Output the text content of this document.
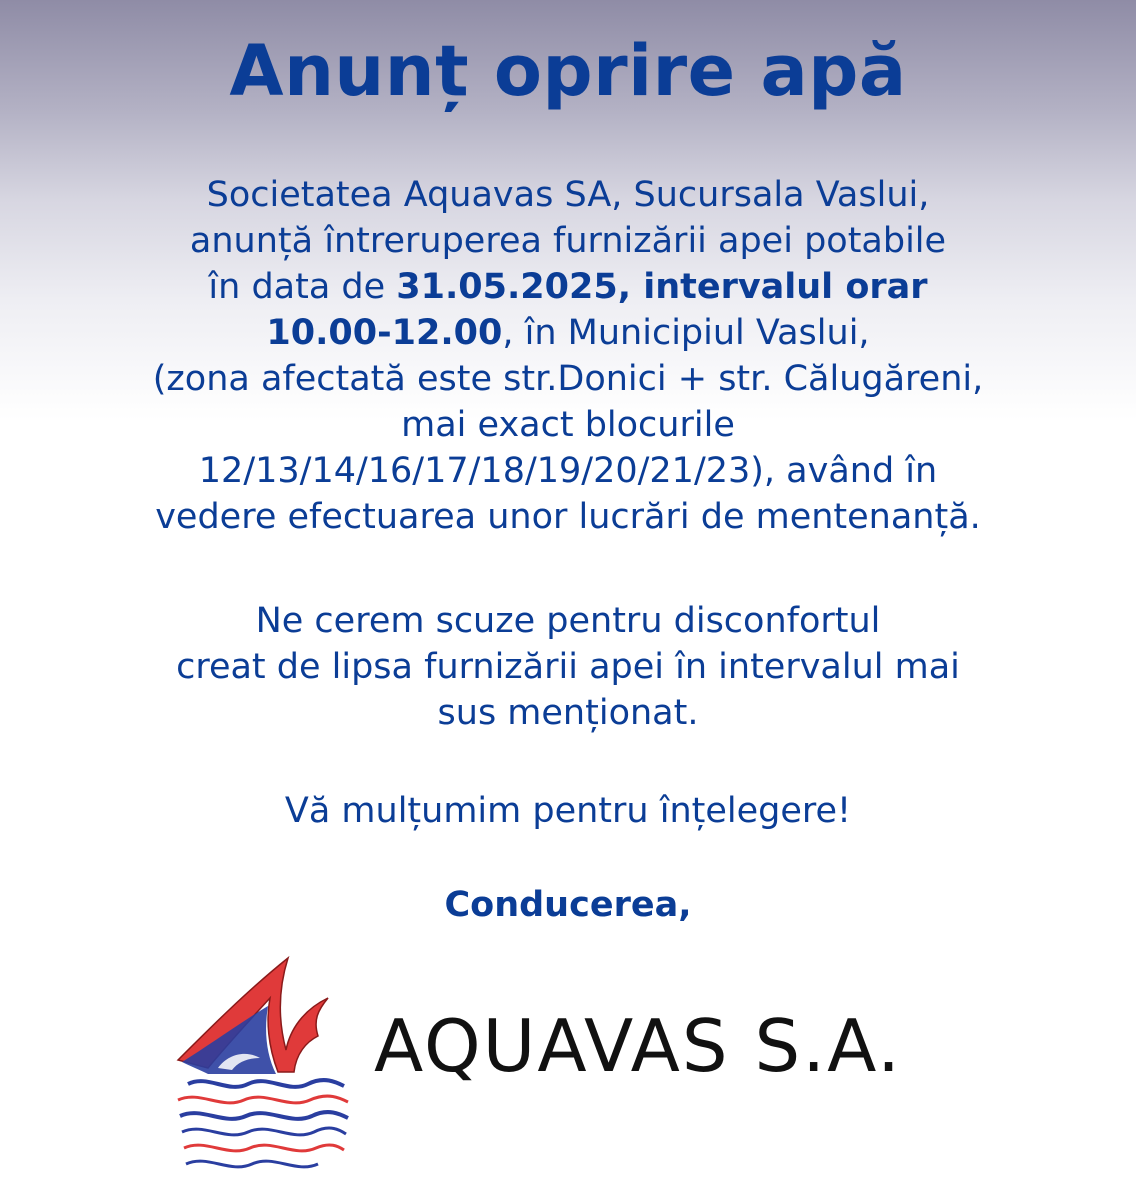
Anunț oprire apă
Societatea Aquavas SA, Sucursala Vaslui,
anunță întreruperea furnizării apei potabile
în data de 31.05.2025, intervalul orar
10.00-12.00, în Municipiul Vaslui,
(zona afectată este str.Donici + str. Călugăreni,
mai exact blocurile
12/13/14/16/17/18/19/20/21/23), având în
vedere efectuarea unor lucrări de mentenanță.
Ne cerem scuze pentru disconfortul
creat de lipsa furnizării apei în intervalul mai
sus menționat.
Vă mulțumim pentru înțelegere!
Conducerea,
AQUAVAS S.A.
